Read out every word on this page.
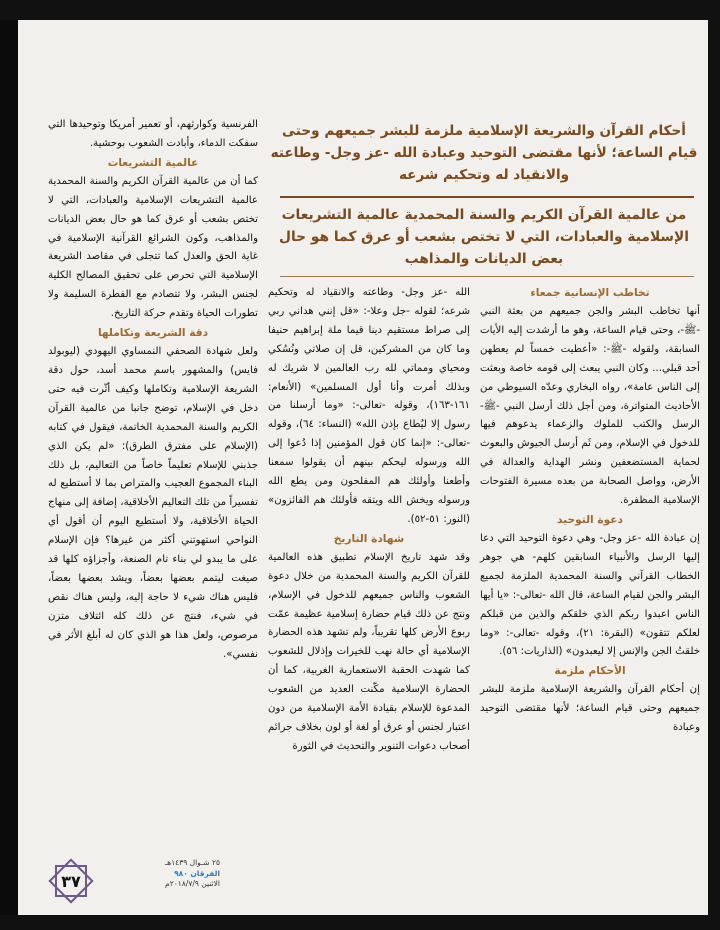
أحكام القرآن والشريعة الإسلامية ملزمة للبشر جميعهم وحتى قيام الساعة؛ لأنها مقتضى التوحيد وعبادة الله -عز وجل- وطاعته والانقياد له وتحكيم شرعه
من عالمية القرآن الكريم والسنة المحمدية عالمية التشريعات الإسلامية والعبادات، التي لا تختص بشعب أو عرق كما هو حال بعض الديانات والمذاهب
تخاطب الإنسانية جمعاء

أنها تخاطب البشر والجن جميعهم من بعثة النبي -ﷺ-، وحتى قيام الساعة، وهو ما أرشدت إليه الأيات السابقة، ولقوله -ﷺ-: «أعطيت خمساً لم يعطهن أحد قبلي... وكان النبي يبعث إلى قومه خاصة وبعثت إلى الناس عامة»، رواه البخاري وعدّه السيوطي من الأحاديث المتواترة، ومن أجل ذلك أرسل النبي -ﷺ- الرسل والكتب للملوك والزعماء يدعوهم فيها للدخول في الإسلام، ومن ثَم أرسل الجيوش والبعوث لحماية المستضعفين ونشر الهداية والعدالة في الأرض، وواصل الصحابة من بعده مسيرة الفتوحات الإسلامية المظفرة.

دعوة التوحيد

إن عبادة الله -عز وجل- وهي دعوة التوحيد التي دعا إليها الرسل والأنبياء السابقين كلهم- هي جوهر الخطاب القرآني والسنة المحمدية الملزمة لجميع البشر والجن لقيام الساعة، قال الله -تعالى-: «يا أيها الناس اعبدوا ربكم الذي خلقكم والذين من قبلكم لعلكم تتقون» (البقرة: ٢١)، وقوله -تعالى-: «وما خلقتُ الجن والإنس إلا ليعبدون» (الذاريات: ٥٦).

الأحكام ملزمة

إن أحكام القرآن والشريعة الإسلامية ملزمة للبشر جميعهم وحتى قيام الساعة؛ لأنها مقتضى التوحيد وعبادة

الله -عز وجل- وطاعته والانقياد له وتحكيم شرعه؛ لقوله -جل وعلا-: «قل إنني هداني ربي إلى صراط مستقيم دينا قيما ملة إبراهيم حنيفا وما كان من المشركين، قل إن صلاتي ونُسُكي ومحياي ومماتي لله رب العالمين لا شريك له وبذلك أمرت وأنا أول المسلمين» (الأنعام: ١٦١-١٦٣)، وقوله -تعالى-: «وما أرسلنا من رسول إلا ليُطاع بإذن الله» (النساء: ٦٤)، وقوله -تعالى-: «إنما كان قول المؤمنين إذا دُعوا إلى الله ورسوله ليحكم بينهم أن يقولوا سمعنا وأطعنا وأولئك هم المفلحون ومن يطع الله ورسوله ويخش الله ويتقه فأولئك هم الفائزون» (النور: ٥١-٥٢).

شهادة التاريخ

وقد شهد تاريخ الإسلام تطبيق هذه العالمية للقرآن الكريم والسنة المحمدية من خلال دعوة الشعوب والناس جميعهم للدخول في الإسلام، ونتج عن ذلك قيام حضارة إسلامية عظيمة عمّت ربوع الأرض كلها تقريباً، ولم تشهد هذه الحضارة الإسلامية أي حالة نهب للخيرات وإذلال للشعوب كما شهدت الحقبة الاستعمارية الغربية، كما أن الحضارة الإسلامية مكّنت العديد من الشعوب المدعوة للإسلام بقيادة الأمة الإسلامية من دون اعتبار لجنس أو عرق أو لغة أو لون بخلاف جرائم أصحاب دعوات التنوير والتحديث في الثورة

الفرنسية وكوارثهم، أو تعمير أمريكا وتوحيدها التي سفكت الدماء، وأبادت الشعوب بوحشية.

عالمية التشريعات

كما أن من عالمية القرآن الكريم والسنة المحمدية عالمية التشريعات الإسلامية والعبادات، التي لا تختص بشعب أو عرق كما هو حال بعض الديانات والمذاهب، وكون الشرائع القرآنية الإسلامية في غاية الحق والعدل كما تتجلى في مقاصد الشريعة الإسلامية التي تحرص على تحقيق المصالح الكلية لجنس البشر، ولا تتصادم مع الفطرة السليمة ولا تطورات الحياة وتقدم حركة التاريخ.

دقة الشريعة وتكاملها

ولعل شهادة الصحفي النمساوي اليهودي (ليوبولد فايس) والمشهور باسم محمد أسد، حول دقة الشريعة الإسلامية وتكاملها وكيف أثّرت فيه حتى دخل في الإسلام، توضح جانبا من عالمية القرآن الكريم والسنة المحمدية الخاتمة، فيقول في كتابه (الإسلام على مفترق الطرق): «لم يكن الذي جذبني للإسلام تعليماً خاصاً من التعاليم، بل ذلك البناء المجموع العجيب والمتراص بما لا أستطيع له تفسيراً من تلك التعاليم الأخلاقية، إضافة إلى منهاج الحياة الأخلاقية، ولا أستطيع اليوم أن أقول أي النواحي استهوتني أكثر من غيرها؟ فإن الإسلام على ما يبدو لي بناء تام الصنعة، وأجزاؤه كلها قد صيغت ليتمم بعضها بعضاً، ويشد بعضها بعضاً، فليس هناك شيء لا حاجة إليه، وليس هناك نقص في شيء، فنتج عن ذلك كله ائتلاف متزن مرصوص، ولعل هذا هو الذي كان له أبلغ الأثر في نفسي».

٣٧
٢٥ شـوال ١٤٣٩هـ
الفرقان ٩٨٠
الاثنين ٢٠١٨/٧/٩م
